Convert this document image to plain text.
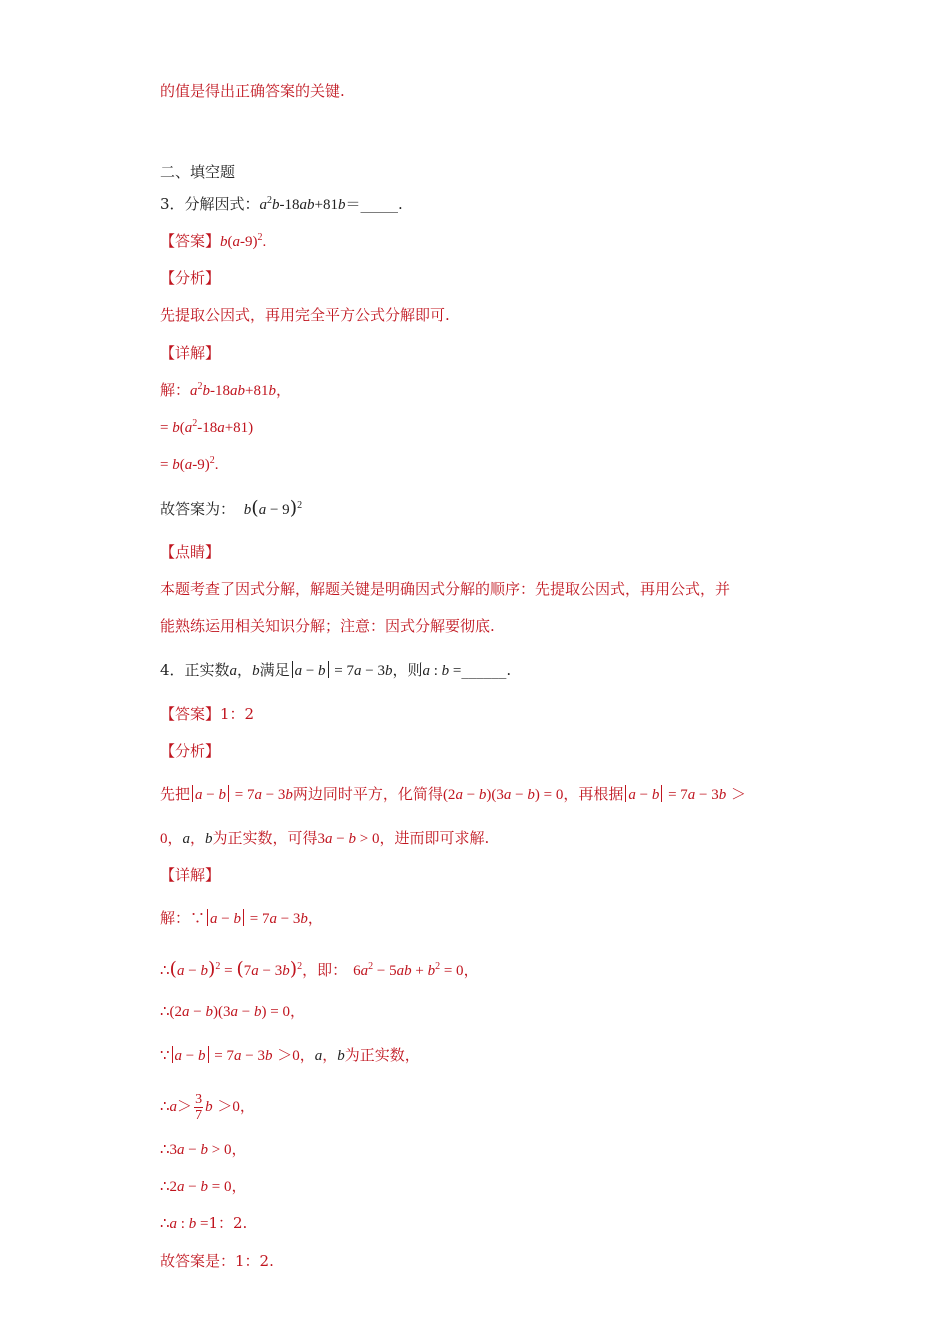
的值是得出正确答案的关键.
二、填空题
3．分解因式：$a^2b-18ab+81b=\_\_\_\_\_$.
【答案】$b(a-9)^2$.
【分析】
先提取公因式，再用完全平方公式分解即可.
【详解】
解：$a^2b-18ab+81b$，
= $b(a^2-18a+81)$
= $b(a-9)^2$.
故答案为： $b(a - 9)^2$
【点睛】
本题考查了因式分解，解题关键是明确因式分解的顺序：先提取公因式，再用公式，并
能熟练运用相关知识分解；注意：因式分解要彻底.
4．正实数a，b满足 a − b = 7a − 3b，则a : b =______.
【答案】1：2
【分析】
先把 a − b = 7a − 3b两边同时平方，化简得(2a − b)(3a − b) = 0，再根据 a − b = 7a − 3b ＞
0，a，b为正实数，可得3a − b > 0，进而即可求解.
【详解】
解：∵ a − b = 7a − 3b，
∴(a − $b)^2 = (7a - 3b)^2$，即： $6a^2 - 5ab + b^2 = 0$，
∴(2a − b)(3a − b) = 0，
∵ a − b = 7a − 3b ＞0，a，b为正实数，
∴a＞ $\frac{3}{7}$ b ＞0，
∴3a − b > 0，
∴2a − b = 0，
∴a : b =1：2.
故答案是：1：2.
